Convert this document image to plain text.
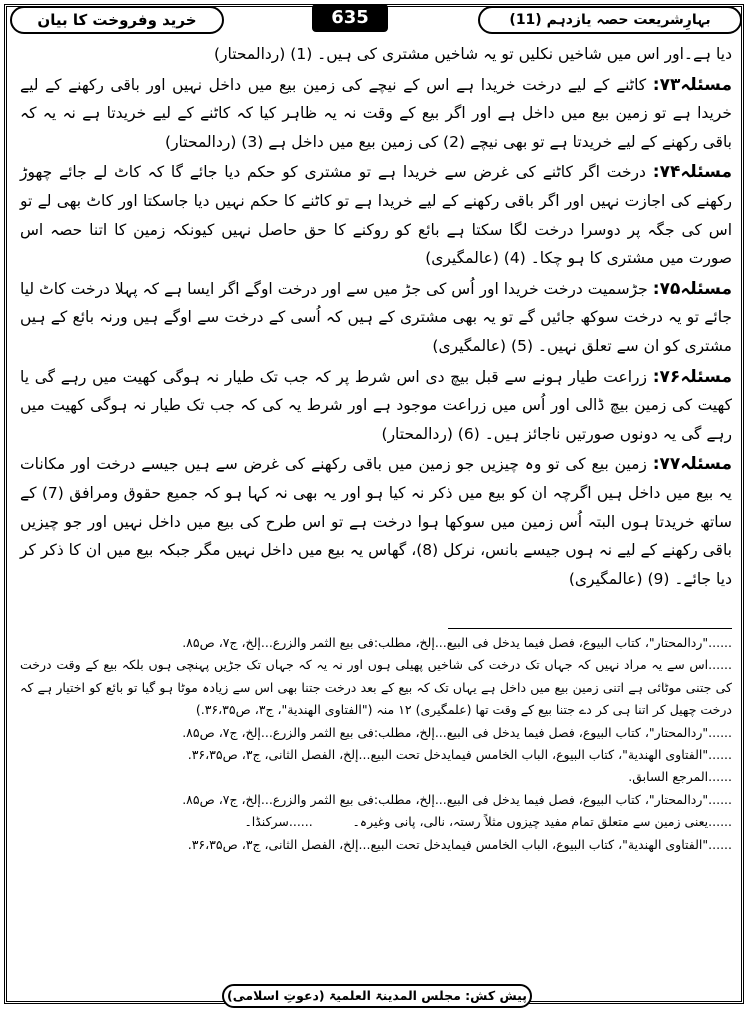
بہارِشریعت حصہ یازدہم (11)
635
خرید وفروخت کا بیان

دیا ہے۔اور اس میں شاخیں نکلیں تو یہ شاخیں مشتری کی ہیں۔ (1) (ردالمحتار)

مسئلہ۷۳: کاٹنے کے لیے درخت خریدا ہے اس کے نیچے کی زمین بیع میں داخل نہیں اور باقی رکھنے کے لیے خریدا ہے تو زمین بیع میں داخل ہے اور اگر بیع کے وقت نہ یہ ظاہر کیا کہ کاٹنے کے لیے خریدتا ہے نہ یہ کہ باقی رکھنے کے لیے خریدتا ہے تو بھی نیچے (2) کی زمین بیع میں داخل ہے (3) (ردالمحتار)

مسئلہ۷۴: درخت اگر کاٹنے کی غرض سے خریدا ہے تو مشتری کو حکم دیا جائے گا کہ کاٹ لے جائے چھوڑ رکھنے کی اجازت نہیں اور اگر باقی رکھنے کے لیے خریدا ہے تو کاٹنے کا حکم نہیں دیا جاسکتا اور کاٹ بھی لے تو اس کی جگہ پر دوسرا درخت لگا سکتا ہے بائع کو روکنے کا حق حاصل نہیں کیونکہ زمین کا اتنا حصہ اس صورت میں مشتری کا ہو چکا۔ (4) (عالمگیری)

مسئلہ۷۵: جڑسمیت درخت خریدا اور اُس کی جڑ میں سے اور درخت اوگے اگر ایسا ہے کہ پہلا درخت کاٹ لیا جائے تو یہ درخت سوکھ جائیں گے تو یہ بھی مشتری کے ہیں کہ اُسی کے درخت سے اوگے ہیں ورنہ بائع کے ہیں مشتری کو ان سے تعلق نہیں۔ (5) (عالمگیری)

مسئلہ۷۶: زراعت طیار ہونے سے قبل بیچ دی اس شرط پر کہ جب تک طیار نہ ہوگی کھیت میں رہے گی یا کھیت کی زمین بیچ ڈالی اور اُس میں زراعت موجود ہے اور شرط یہ کی کہ جب تک طیار نہ ہوگی کھیت میں رہے گی یہ دونوں صورتیں ناجائز ہیں۔ (6) (ردالمحتار)

مسئلہ۷۷: زمین بیع کی تو وہ چیزیں جو زمین میں باقی رکھنے کی غرض سے ہیں جیسے درخت اور مکانات یہ بیع میں داخل ہیں اگرچہ ان کو بیع میں ذکر نہ کیا ہو اور یہ بھی نہ کہا ہو کہ جمیع حقوق ومرافق (7) کے ساتھ خریدتا ہوں البتہ اُس زمین میں سوکھا ہوا درخت ہے تو اس طرح کی بیع میں داخل نہیں اور جو چیزیں باقی رکھنے کے لیے نہ ہوں جیسے بانس، نرکل (8)، گھاس یہ بیع میں داخل نہیں مگر جبکہ بیع میں ان کا ذکر کر دیا جائے۔ (9) (عالمگیری)

......"ردالمحتار"، کتاب البیوع، فصل فیما یدخل فی البیع...إلخ، مطلب:فی بیع الثمر والزرع...إلخ، ج۷، ص۸۵.
......اس سے یہ مراد نہیں کہ جہاں تک درخت کی شاخیں پھیلی ہوں اور نہ یہ کہ جہاں تک جڑیں پہنچی ہوں بلکہ بیع کے وقت درخت کی جتنی موٹائی ہے اتنی زمین بیع میں داخل ہے یہاں تک کہ بیع کے بعد درخت جتنا بھی اس سے زیادہ موٹا ہو گیا تو بائع کو اختیار ہے کہ درخت چھیل کر اتنا ہی کر دے جتنا بیع کے وقت تھا (علمگیری) ۱۲ منہ ("الفتاوی الهندية"، ج۳، ص۳۶،۳۵.)
......"ردالمحتار"، کتاب البیوع، فصل فیما یدخل فی البیع...إلخ، مطلب:فی بیع الثمر والزرع...إلخ، ج۷، ص۸۵.
......"الفتاوی الهندية"، کتاب البیوع، الباب الخامس فیمایدخل تحت البیع...إلخ، الفصل الثانی، ج۳، ص۳۶،۳۵.
......المرجع السابق.
......"ردالمحتار"، کتاب البیوع، فصل فیما یدخل فی البیع...إلخ، مطلب:فی بیع الثمر والزرع...إلخ، ج۷، ص۸۵.
......یعنی زمین سے متعلق تمام مفید چیزوں مثلاً رستہ، نالی، پانی وغیرہ۔          ......سرکنڈا۔
......"الفتاوی الهندية"، کتاب البیوع، الباب الخامس فیمایدخل تحت البیع...إلخ، الفصل الثانی، ج۳، ص۳۶،۳۵.
پیش کش: مجلس المدینۃ العلمیۃ (دعوتِ اسلامی)
